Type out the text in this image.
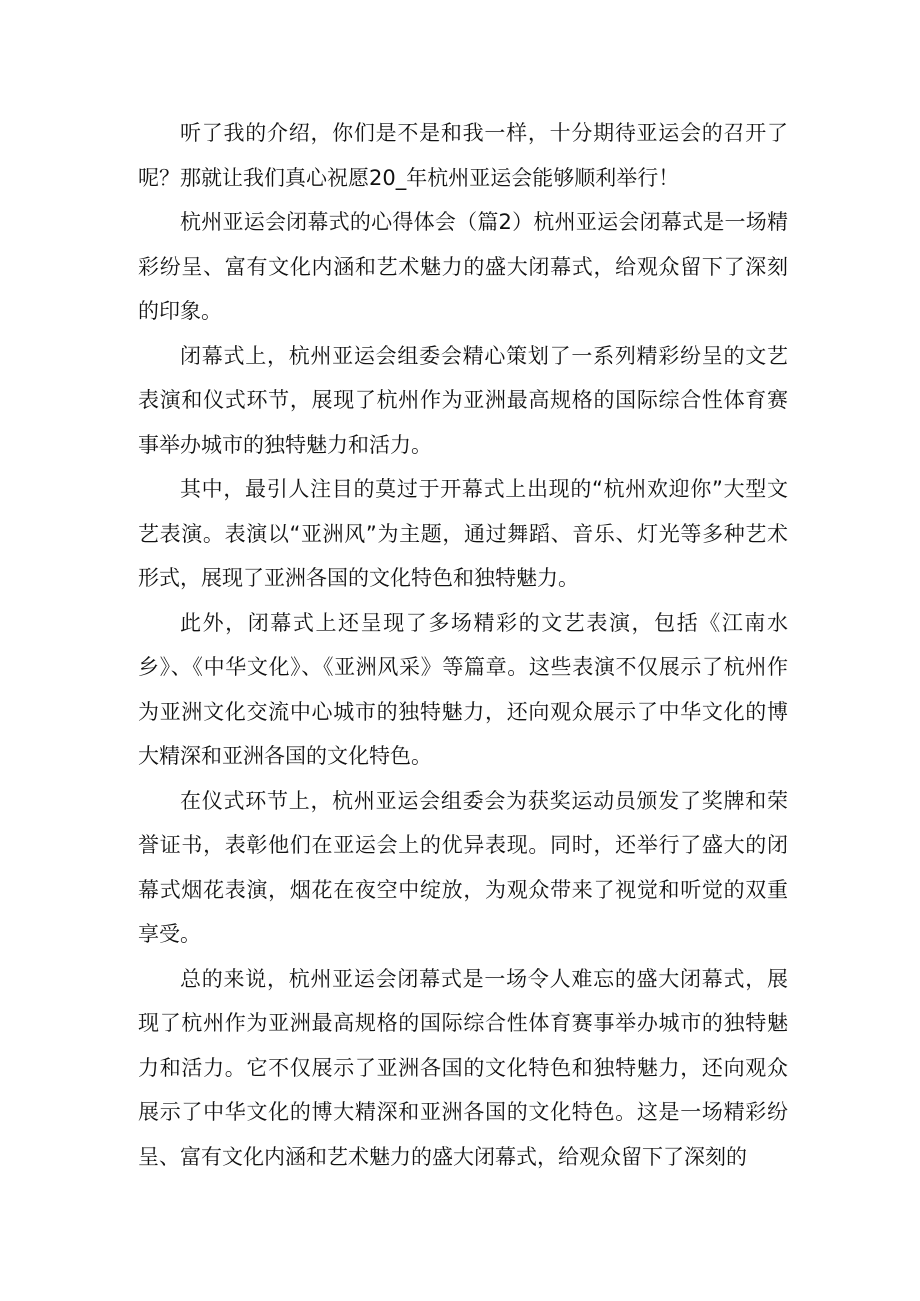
听了我的介绍，你们是不是和我一样，十分期待亚运会的召开了呢？那就让我们真心祝愿20_年杭州亚运会能够顺利举行！

杭州亚运会闭幕式的心得体会（篇2）杭州亚运会闭幕式是一场精彩纷呈、富有文化内涵和艺术魅力的盛大闭幕式，给观众留下了深刻的印象。

闭幕式上，杭州亚运会组委会精心策划了一系列精彩纷呈的文艺表演和仪式环节，展现了杭州作为亚洲最高规格的国际综合性体育赛事举办城市的独特魅力和活力。

其中，最引人注目的莫过于开幕式上出现的“杭州欢迎你”大型文艺表演。表演以“亚洲风”为主题，通过舞蹈、音乐、灯光等多种艺术形式，展现了亚洲各国的文化特色和独特魅力。

此外，闭幕式上还呈现了多场精彩的文艺表演，包括《江南水乡》、《中华文化》、《亚洲风采》等篇章。这些表演不仅展示了杭州作为亚洲文化交流中心城市的独特魅力，还向观众展示了中华文化的博大精深和亚洲各国的文化特色。

在仪式环节上，杭州亚运会组委会为获奖运动员颁发了奖牌和荣誉证书，表彰他们在亚运会上的优异表现。同时，还举行了盛大的闭幕式烟花表演，烟花在夜空中绽放，为观众带来了视觉和听觉的双重享受。

总的来说，杭州亚运会闭幕式是一场令人难忘的盛大闭幕式，展现了杭州作为亚洲最高规格的国际综合性体育赛事举办城市的独特魅力和活力。它不仅展示了亚洲各国的文化特色和独特魅力，还向观众展示了中华文化的博大精深和亚洲各国的文化特色。这是一场精彩纷呈、富有文化内涵和艺术魅力的盛大闭幕式，给观众留下了深刻的
